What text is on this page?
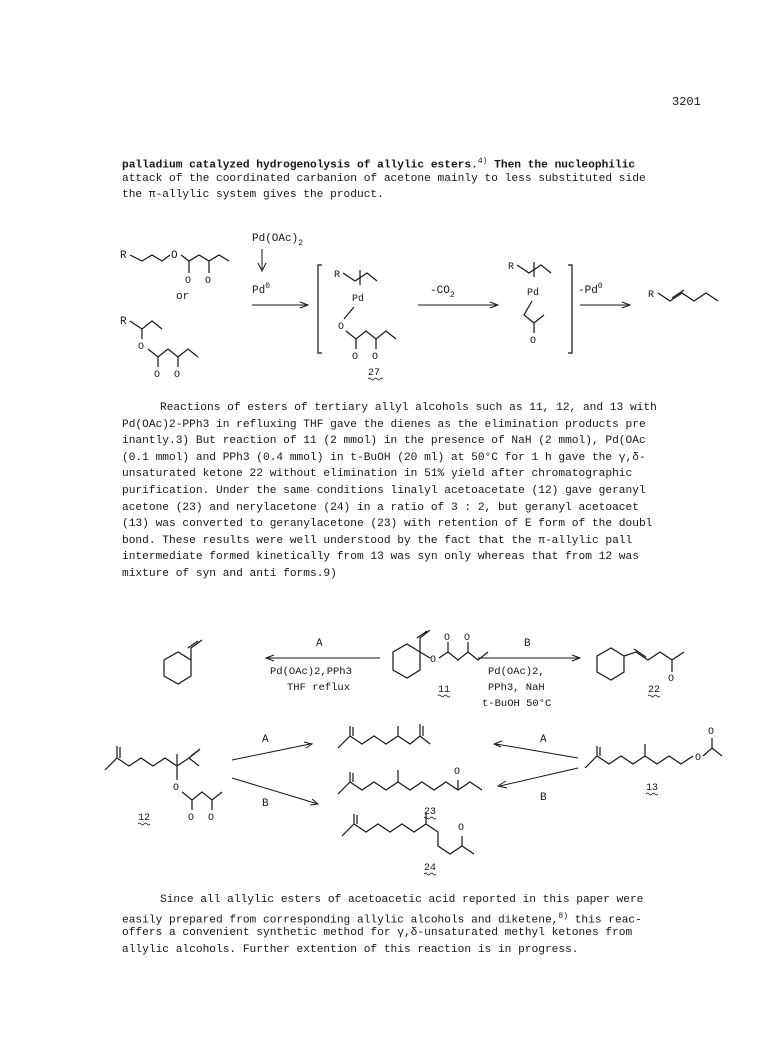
3201
palladium catalyzed hydrogenolysis of allylic esters.$^{4)}$ Then the nucleophilic
attack of the coordinated carbanion of acetone mainly to less substituted side
the π-allylic system gives the product.
R	O
O O
or
R
O
O O
$Pd(OAc)_2$
Pd$^0$
R
Pd
O
O O
27
$-CO_2$
R
Pd
O
-Pd$^0$
R
Reactions of esters of tertiary allyl alcohols such as 11, 12, and 13 with
Pd(OAc)2-PPh3 in refluxing THF gave the dienes as the elimination products pre
inantly.3) But reaction of 11 (2 mmol) in the presence of NaH (2 mmol), Pd(OAc
(0.1 mmol) and PPh3 (0.4 mmol) in t-BuOH (20 ml) at 50°C for 1 h gave the γ,δ-
unsaturated ketone 22 without elimination in 51% yield after chromatographic
purification. Under the same conditions linalyl acetoacetate (12) gave geranyl
acetone (23) and nerylacetone (24) in a ratio of 3 : 2, but geranyl acetoacet
(13) was converted to geranylacetone (23) with retention of E form of the doubl
bond. These results were well understood by the fact that the π-allylic pall
intermediate formed kinetically from 13 was syn only whereas that from 12 was
mixture of syn and anti forms.9)
A
Pd(OAc)2,PPh3
THF reflux
O
O O
11
B
Pd(OAc)2,
PPh3, NaH
t-BuOH 50°C
O
22
O
O O
12
A
B
O
23
O
24
A
B
O
O
13
Since all allylic esters of acetoacetic acid reported in this paper were
easily prepared from corresponding allylic alcohols and diketene,$^{8)}$ this reac-
offers a convenient synthetic method for γ,δ-unsaturated methyl ketones from
allylic alcohols. Further extention of this reaction is in progress.
